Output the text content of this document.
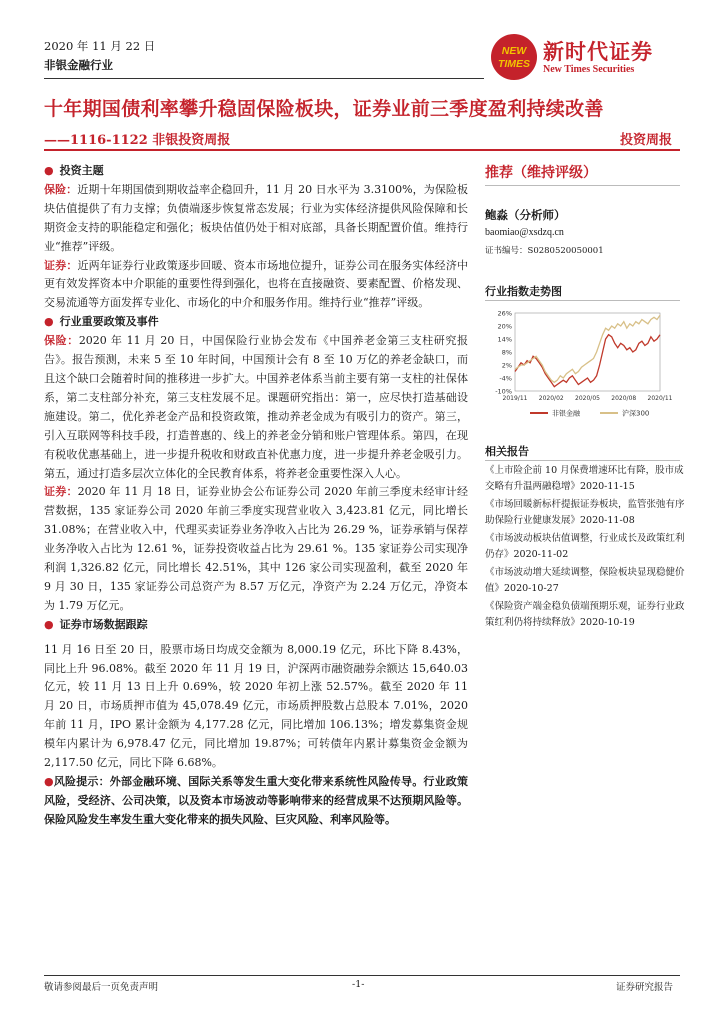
2020 年 11 月 22 日
非银金融行业
NEW
TIMES 新时代证券
New Times Securities
十年期国债利率攀升稳固保险板块，证券业前三季度盈利持续改善
——1116-1122 非银投资周报	投资周报
● 投资主题
保险：近期十年期国债到期收益率企稳回升，11 月 20 日水平为 3.3100%，为保险板块估值提供了有力支撑；负债端逐步恢复常态发展；行业为实体经济提供风险保障和长期资金支持的职能稳定和强化；板块估值仍处于相对底部，具备长期配置价值。维持行业“推荐”评级。
证券：近两年证券行业政策逐步回暖、资本市场地位提升，证券公司在服务实体经济中更有效发挥资本中介职能的重要性得到强化，也将在直接融资、要素配置、价格发现、交易流通等方面发挥专业化、市场化的中介和服务作用。维持行业“推荐”评级。
● 行业重要政策及事件
保险：2020 年 11 月 20 日，中国保险行业协会发布《中国养老金第三支柱研究报告》。报告预测，未来 5 至 10 年时间，中国预计会有 8 至 10 万亿的养老金缺口，而且这个缺口会随着时间的推移进一步扩大。中国养老体系当前主要有第一支柱的社保体系，第二支柱部分补充，第三支柱发展不足。课题研究指出：第一，应尽快打造基础设施建设。第二，优化养老金产品和投资政策，推动养老金成为有吸引力的资产。第三，引入互联网等科技手段，打造普惠的、线上的养老金分销和账户管理体系。第四，在现有税收优惠基础上，进一步提升税收和财政直补优惠力度，进一步提升养老金吸引力。第五，通过打造多层次立体化的全民教育体系，将养老金重要性深入人心。
证券：2020 年 11 月 18 日，证券业协会公布证券公司 2020 年前三季度未经审计经营数据，135 家证券公司 2020 年前三季度实现营业收入 3,423.81 亿元，同比增长 31.08%；在营业收入中，代理买卖证券业务净收入占比为 26.29 %，证券承销与保荐业务净收入占比为 12.61 %，证券投资收益占比为 29.61 %。135 家证券公司实现净利润 1,326.82 亿元，同比增长 42.51%，其中 126 家公司实现盈利，截至 2020 年 9 月 30 日，135 家证券公司总资产为 8.57 万亿元，净资产为 2.24 万亿元，净资本为 1.79 万亿元。
● 证券市场数据跟踪
11 月 16 日至 20 日，股票市场日均成交金额为 8,000.19 亿元，环比下降 8.43%，同比上升 96.08%。截至 2020 年 11 月 19 日，沪深两市融资融券余额达 15,640.03 亿元，较 11 月 13 日上升 0.69%，较 2020 年初上涨 52.57%。截至 2020 年 11 月 20 日，市场质押市值为 45,078.49 亿元，市场质押股数占总股本 7.01%，2020 年前 11 月，IPO 累计金额为 4,177.28 亿元，同比增加 106.13%；增发募集资金规模年内累计为 6,978.47 亿元，同比增加 19.87%；可转债年内累计募集资金金额为 2,117.50 亿元，同比下降 6.68%。
●风险提示：外部金融环境、国际关系等发生重大变化带来系统性风险传导。行业政策风险，受经济、公司决策，以及资本市场波动等影响带来的经营成果不达预期风险等。保险风险发生率发生重大变化带来的损失风险、巨灾风险、利率风险等。
推荐（维持评级）
鲍淼（分析师）
baomiao@xsdzq.cn
证书编号：S0280520050001
行业指数走势图
26%
20%
14%
8%
2%
-4%
-10%
2019/11 2020/02 2020/05 2020/08 2020/11
非银金融	沪深300
相关报告
《上市险企前 10 月保费增速环比有降，股市成交略有升温两融稳增》2020-11-15
《市场回暖新标杆提振证券板块，监管张弛有序助保险行业健康发展》2020-11-08
《市场波动板块估值调整，行业成长及政策红利仍存》2020-11-02
《市场波动增大延续调整，保险板块显现稳健价值》2020-10-27
《保险资产端金稳负债端预期乐观，证券行业政策红利仍将持续释放》2020-10-19
敬请参阅最后一页免责声明	-1-	证券研究报告
